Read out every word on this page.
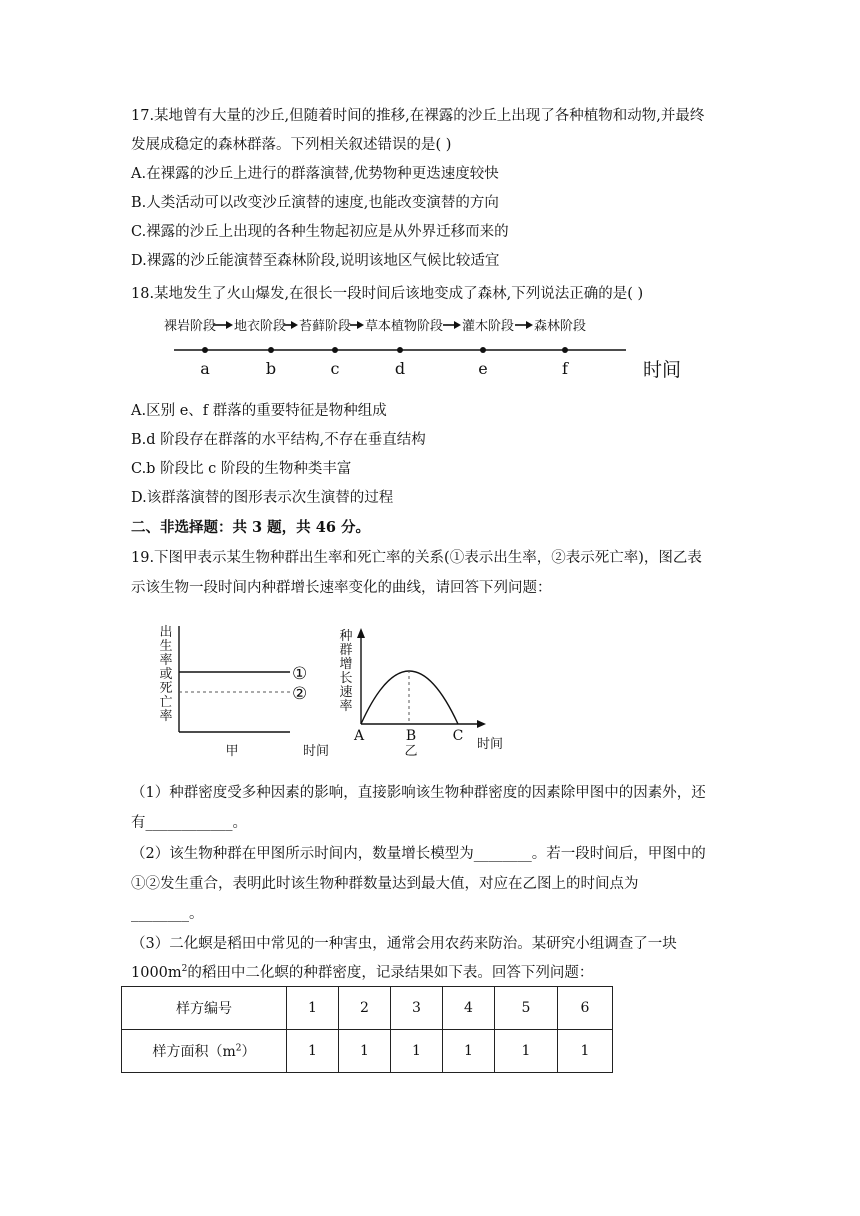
17.某地曾有大量的沙丘,但随着时间的推移,在裸露的沙丘上出现了各种植物和动物,并最终
发展成稳定的森林群落。下列相关叙述错误的是( )
A.在裸露的沙丘上进行的群落演替,优势物种更迭速度较快
B.人类活动可以改变沙丘演替的速度,也能改变演替的方向
C.裸露的沙丘上出现的各种生物起初应是从外界迁移而来的
D.裸露的沙丘能演替至森林阶段,说明该地区气候比较适宜
18.某地发生了火山爆发,在很长一段时间后该地变成了森林,下列说法正确的是( )
裸岩阶段 地衣阶段 苔藓阶段 草本植物阶段 灌木阶段 森林阶段
a	b	c	d	e	f	时间
A.区别 e、f 群落的重要特征是物种组成
B.d 阶段存在群落的水平结构,不存在垂直结构
C.b 阶段比 c 阶段的生物种类丰富
D.该群落演替的图形表示次生演替的过程
二、非选择题：共 3 题，共 46 分。
19.下图甲表示某生物种群出生率和死亡率的关系(①表示出生率，②表示死亡率)，图乙表
示该生物一段时间内种群增长速率变化的曲线，请回答下列问题：
出
生
率
或
死
亡
率
①
②
甲	时间
种
群
增
长
速
率
A	B	C
乙	时间
（1）种群密度受多种因素的影响，直接影响该生物种群密度的因素除甲图中的因素外，还
有____________。
（2）该生物种群在甲图所示时间内，数量增长模型为________。若一段时间后，甲图中的
①②发生重合，表明此时该生物种群数量达到最大值，对应在乙图上的时间点为
________。
（3）二化螟是稻田中常见的一种害虫，通常会用农药来防治。某研究小组调查了一块
$1000m^2$的稻田中二化螟的种群密度，记录结果如下表。回答下列问题：
样方编号	1	2	3	4	5	6
样方面积$(m^2)$	1	1	1	1	1	1
